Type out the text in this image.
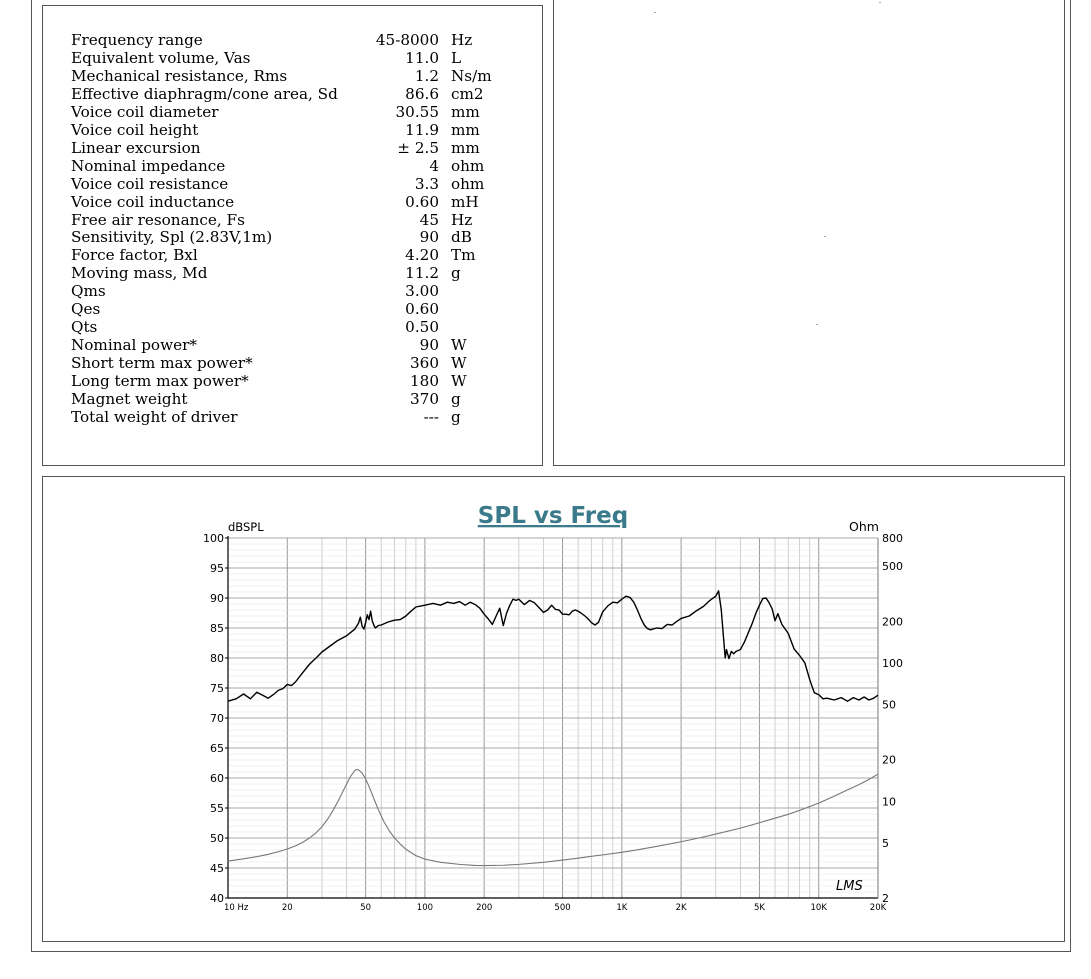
Frequency range	45-8000 Hz
Equivalent volume, Vas	11.0 L
Mechanical resistance, Rms	1.2 Ns/m
Effective diaphragm/cone area, Sd	86.6 cm2
Voice coil diameter	30.55 mm
Voice coil height	11.9 mm
Linear excursion	± 2.5 mm
Nominal impedance	4 ohm
Voice coil resistance	3.3 ohm
Voice coil inductance	0.60 mH
Free air resonance, Fs	45 Hz
Sensitivity, Spl (2.83V,1m)	90 dB
Force factor, Bxl	4.20 Tm
Moving mass, Md	11.2 g
Qms	3.00
Qes	0.60
Qts	0.50
Nominal power*	90 W
Short term max power*	360 W
Long term max power*	180 W
Magnet weight	370 g
Total weight of driver	--- g
40
45
50
55
60
65
70
75
80
85
90
95
100
2
5
10
20
50
100
200
500
800
10 Hz	20	50	100	200	500	1K	2K	5K	10K	20K
SPL vs Freq
dBSPL	Ohm
LMS
